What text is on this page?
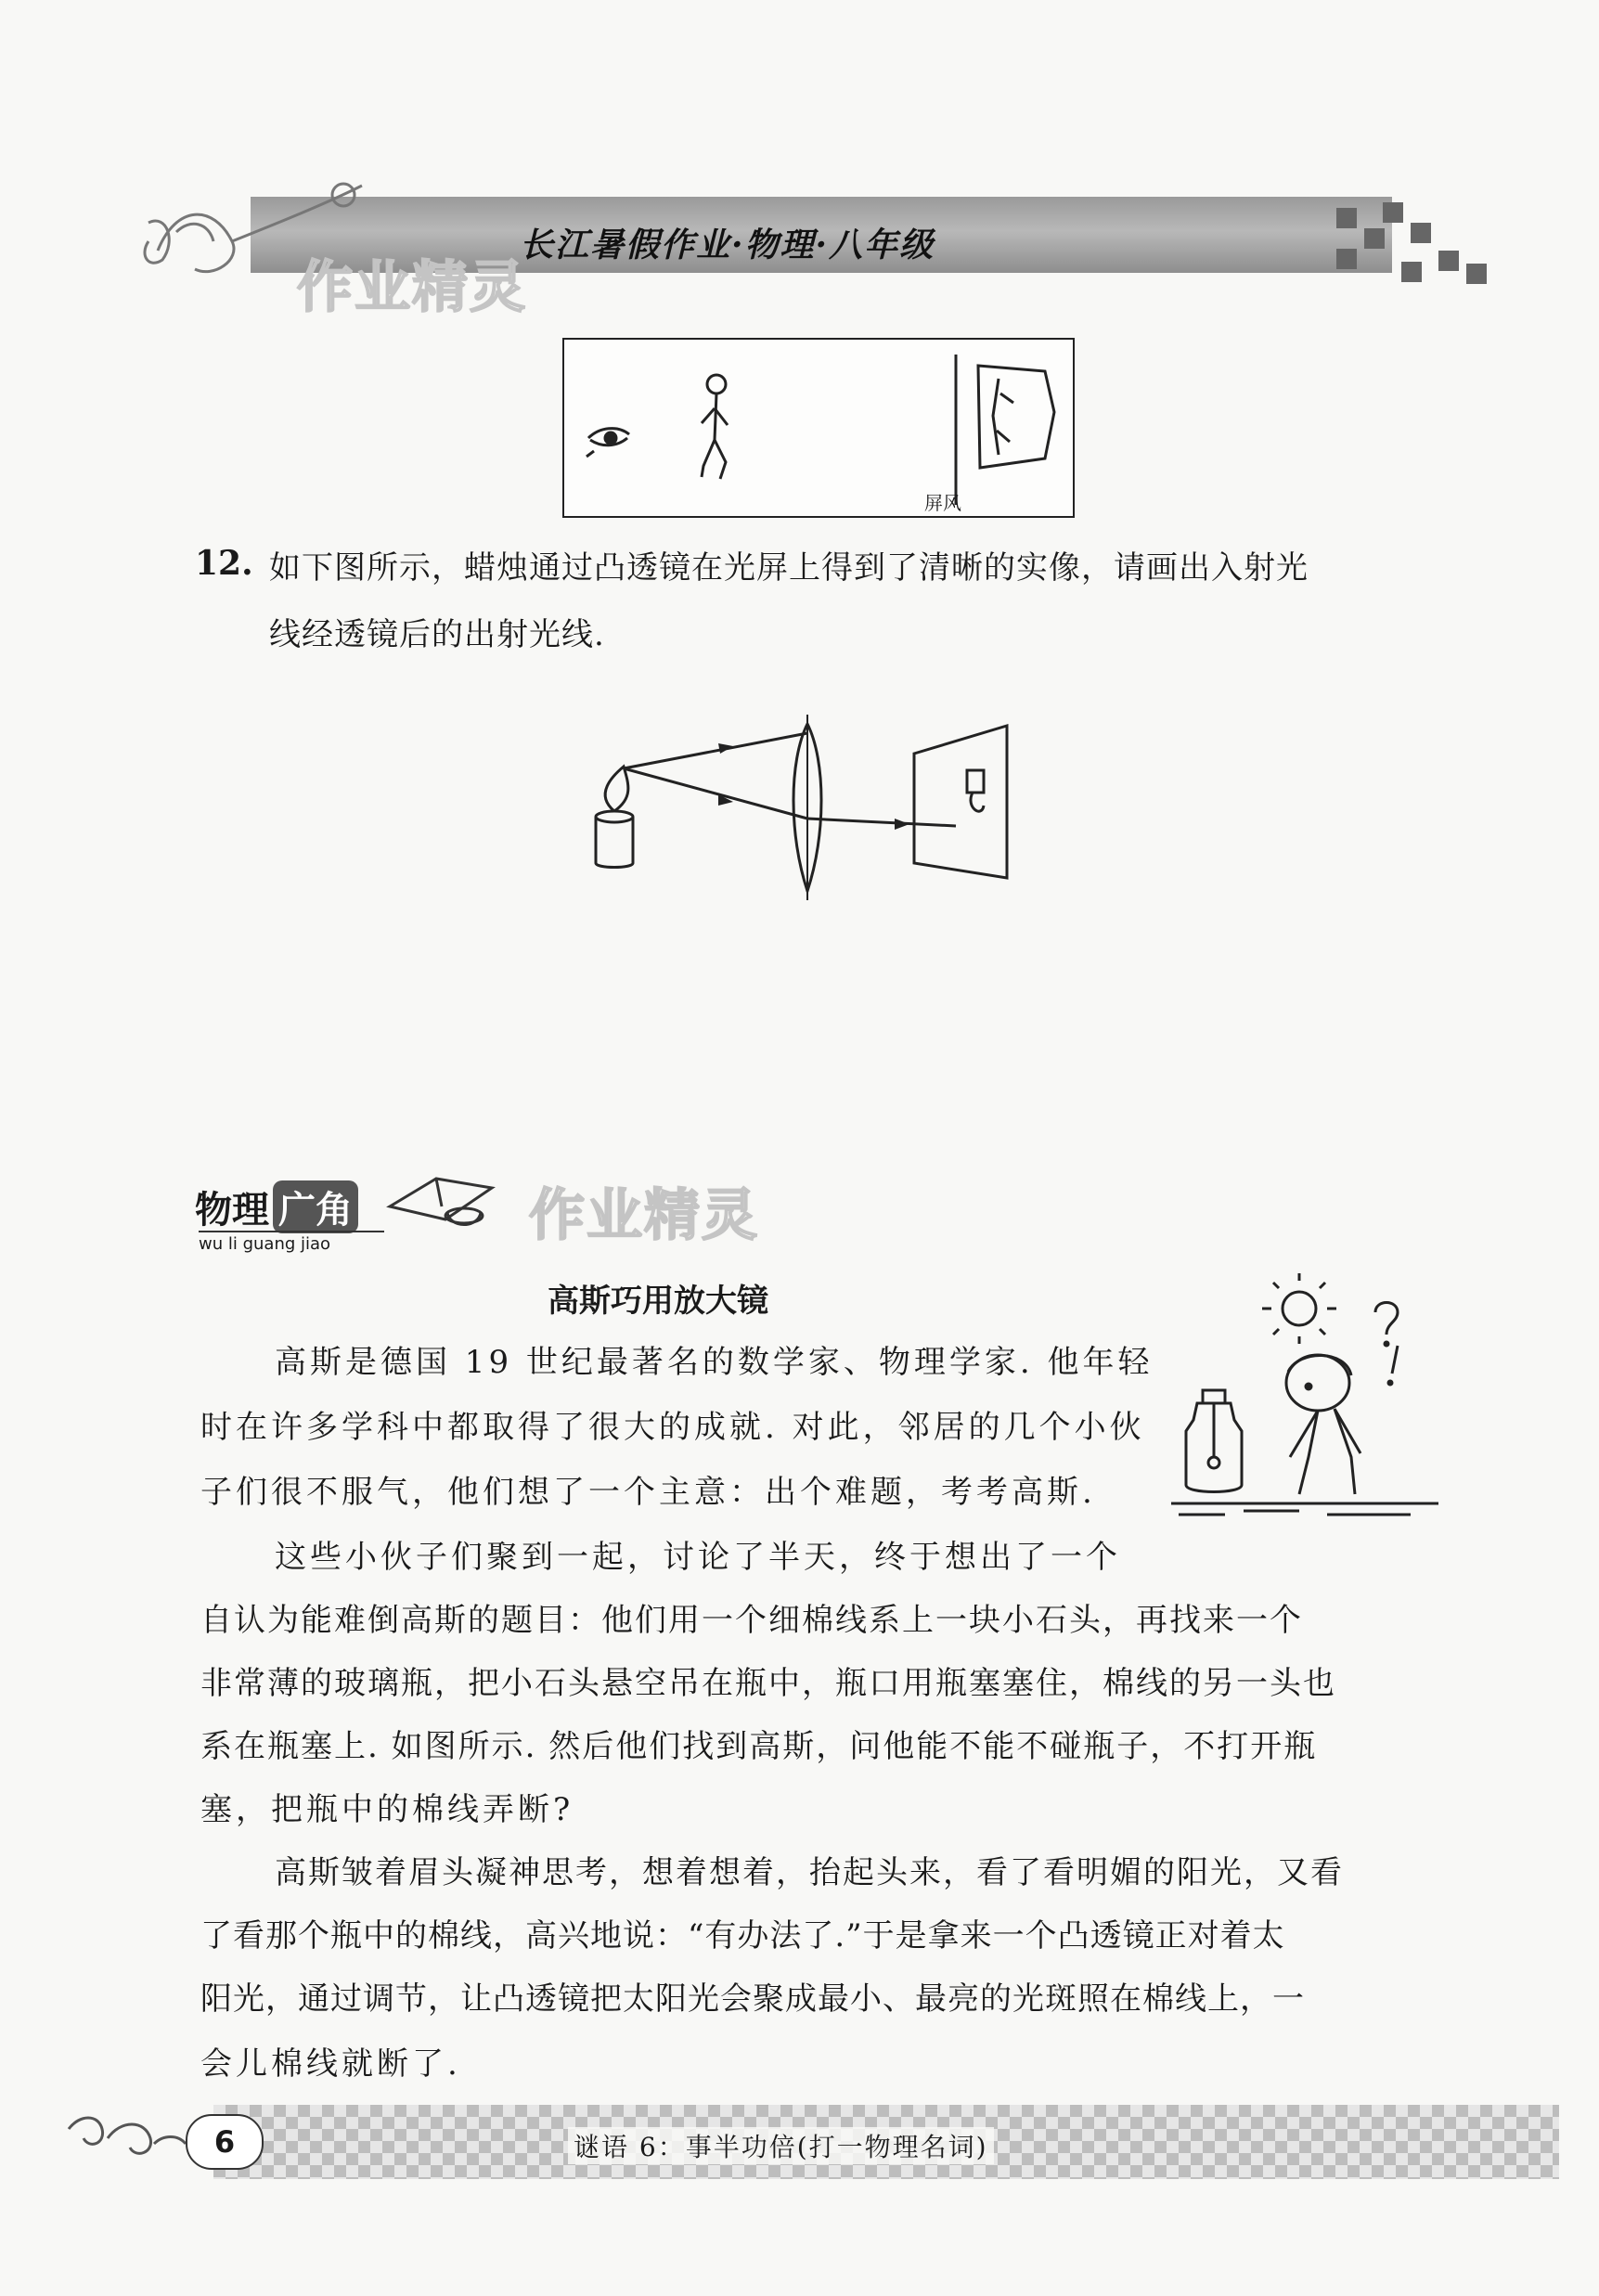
长江暑假作业·物理·八年级
作业精灵
屏风
12. 如下图所示，蜡烛通过凸透镜在光屏上得到了清晰的实像，请画出入射光
线经透镜后的出射光线.
物理 广角
wu li guang jiao	作业精灵
高斯巧用放大镜
高斯是德国 19 世纪最著名的数学家、物理学家. 他年轻
时在许多学科中都取得了很大的成就. 对此，邻居的几个小伙
子们很不服气，他们想了一个主意：出个难题，考考高斯.
这些小伙子们聚到一起，讨论了半天，终于想出了一个
自认为能难倒高斯的题目：他们用一个细棉线系上一块小石头，再找来一个
非常薄的玻璃瓶，把小石头悬空吊在瓶中，瓶口用瓶塞塞住，棉线的另一头也
系在瓶塞上. 如图所示. 然后他们找到高斯，问他能不能不碰瓶子，不打开瓶
塞，把瓶中的棉线弄断?
高斯皱着眉头凝神思考，想着想着，抬起头来，看了看明媚的阳光，又看
了看那个瓶中的棉线，高兴地说：“有办法了.”于是拿来一个凸透镜正对着太
阳光，通过调节，让凸透镜把太阳光会聚成最小、最亮的光斑照在棉线上，一
会儿棉线就断了.
6	谜语 6：事半功倍(打一物理名词)
